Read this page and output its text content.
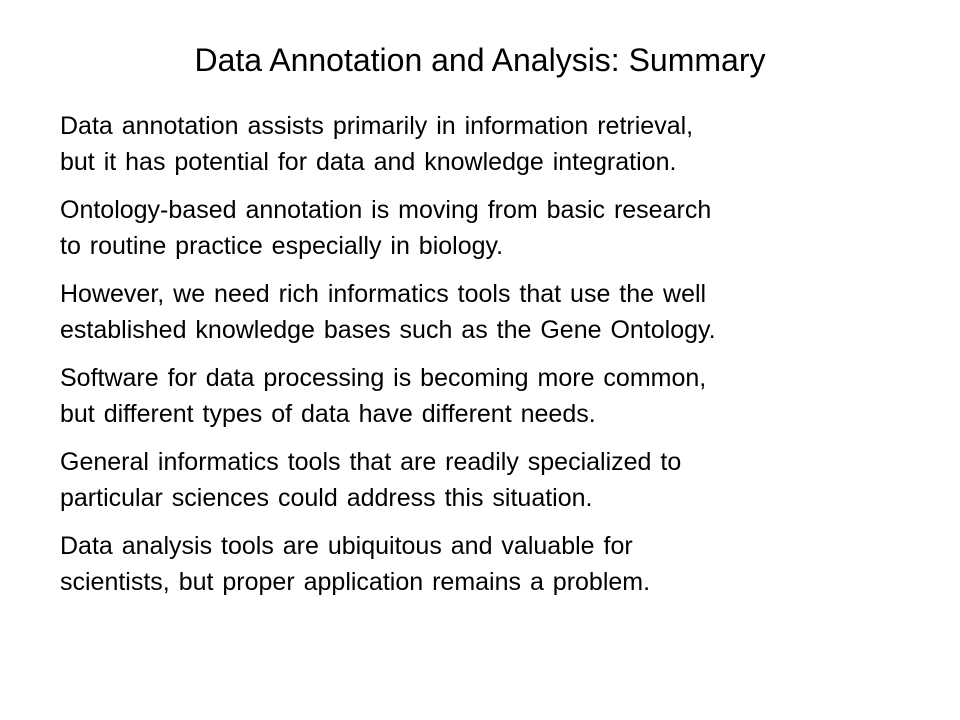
Data Annotation and Analysis: Summary

Data annotation assists primarily in information retrieval,
but it has potential for data and knowledge integration.

Ontology-based annotation is moving from basic research
to routine practice especially in biology.

However, we need rich informatics tools that use the well
established knowledge bases such as the Gene Ontology.

Software for data processing is becoming more common,
but different types of data have different needs.

General informatics tools that are readily specialized to
particular sciences could address this situation.

Data analysis tools are ubiquitous and valuable for
scientists, but proper application remains a problem.
